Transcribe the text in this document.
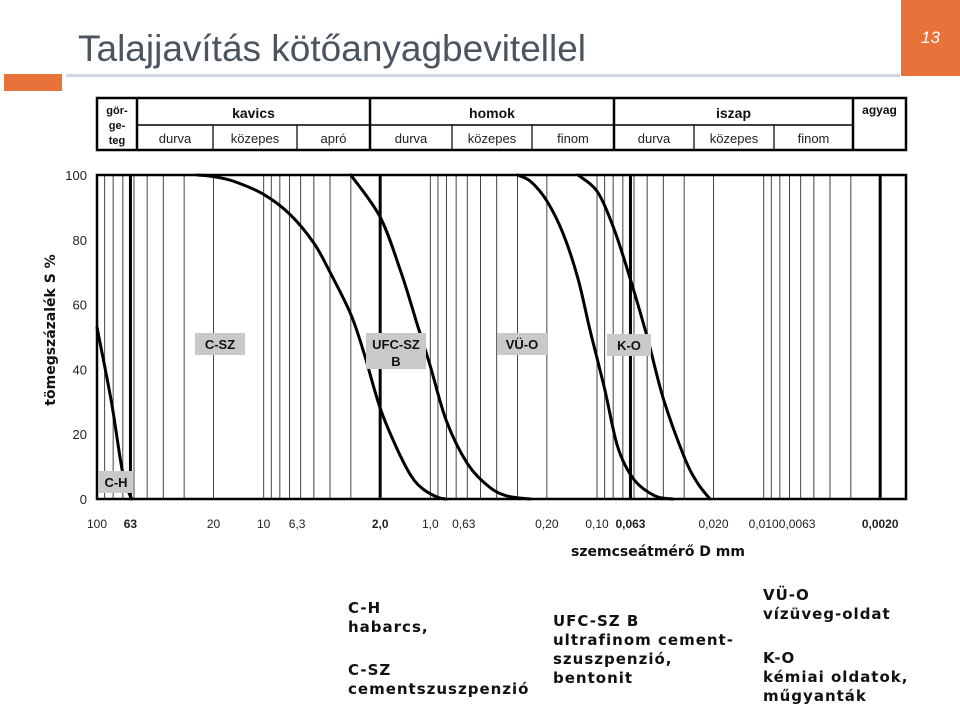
Talajjavítás kötőanyagbevitellel	13
0
20
40
60
80
100
100 63	20	10 6,3	2,0	1,0 0,63	0,20 0,10 0,063	0,020 0,010 0,0063	0,0020
szemcseátmérő D mm
tömegszázalék S %
C-H
C-SZ	UFC-SZ
B
VÜ-O	K-O
kavics	homok	iszap
durva	közepes	apró	durva	közepes	finom	durva	közepes	finom
gör-
ge-
teg
agyag
C-H
habarcs,
C-SZ
cementszuszpenzió
UFC-SZ B
ultrafinom cement-
szuszpenzió,
bentonit
VÜ-O
vízüveg-oldat
K-O
kémiai oldatok,
műgyanták
